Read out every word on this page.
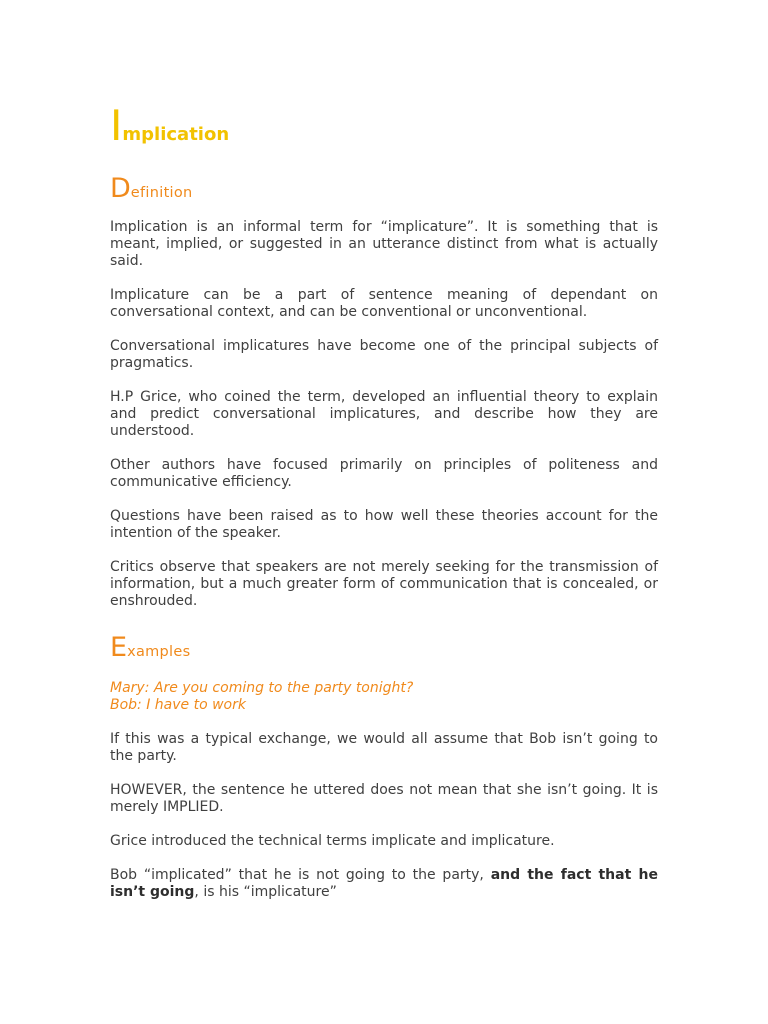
Implication
Definition

Implication is an informal term for “implicature”. It is something that is meant, implied, or suggested in an utterance distinct from what is actually said.

Implicature can be a part of sentence meaning of dependant on conversational context, and can be conventional or unconventional.

Conversational implicatures have become one of the principal subjects of pragmatics.

H.P Grice, who coined the term, developed an influential theory to explain and predict conversational implicatures, and describe how they are understood.

Other authors have focused primarily on principles of politeness and communicative efficiency.

Questions have been raised as to how well these theories account for the intention of the speaker.

Critics observe that speakers are not merely seeking for the transmission of information, but a much greater form of communication that is concealed, or enshrouded.

Examples
Mary: Are you coming to the party tonight?
Bob: I have to work

If this was a typical exchange, we would all assume that Bob isn’t going to the party.

HOWEVER, the sentence he uttered does not mean that she isn’t going. It is merely IMPLIED.

Grice introduced the technical terms implicate and implicature.

Bob “implicated” that he is not going to the party, and the fact that he isn’t going, is his “implicature”
